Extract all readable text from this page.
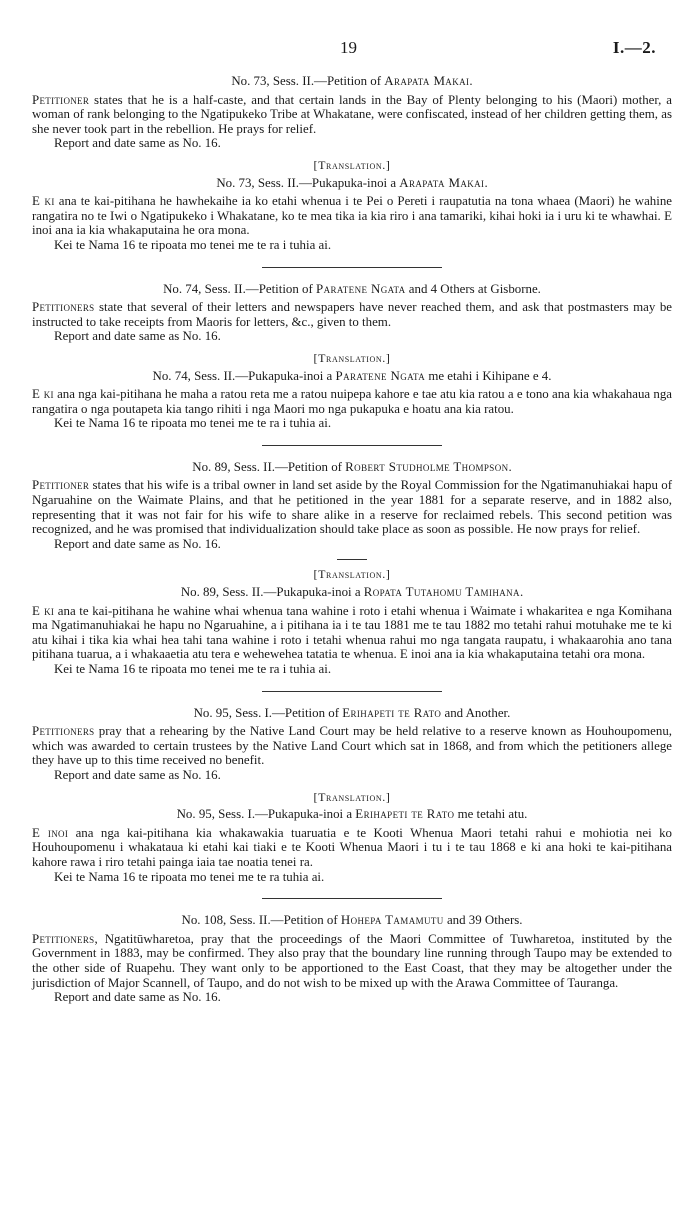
19	I.—2.

No. 73, Sess. II.—Petition of Arapata Makai.

Petitioner states that he is a half-caste, and that certain lands in the Bay of Plenty belonging to his (Maori) mother, a woman of rank belonging to the Ngatipukeko Tribe at Whakatane, were confiscated, instead of her children getting them, as she never took part in the rebellion. He prays for relief.

Report and date same as No. 16.

[Translation.]

No. 73, Sess. II.—Pukapuka-inoi a Arapata Makai.

E ki ana te kai-pitihana he hawhekaihe ia ko etahi whenua i te Pei o Pereti i raupatutia na tona whaea (Maori) he wahine rangatira no te Iwi o Ngatipukeko i Whakatane, ko te mea tika ia kia riro i ana tamariki, kihai hoki ia i uru ki te whawhai. E inoi ana ia kia whakaputaina he ora mona.

Kei te Nama 16 te ripoata mo tenei me te ra i tuhia ai.

No. 74, Sess. II.—Petition of Paratene Ngata and 4 Others at Gisborne.

Petitioners state that several of their letters and newspapers have never reached them, and ask that postmasters may be instructed to take receipts from Maoris for letters, &c., given to them.

Report and date same as No. 16.

[Translation.]

No. 74, Sess. II.—Pukapuka-inoi a Paratene Ngata me etahi i Kihipane e 4.

E ki ana nga kai-pitihana he maha a ratou reta me a ratou nuipepa kahore e tae atu kia ratou a e tono ana kia whakahaua nga rangatira o nga poutapeta kia tango rihiti i nga Maori mo nga pukapuka e hoatu ana kia ratou.

Kei te Nama 16 te ripoata mo tenei me te ra i tuhia ai.

No. 89, Sess. II.—Petition of Robert Studholme Thompson.

Petitioner states that his wife is a tribal owner in land set aside by the Royal Commission for the Ngatimanuhiakai hapu of Ngaruahine on the Waimate Plains, and that he petitioned in the year 1881 for a separate reserve, and in 1882 also, representing that it was not fair for his wife to share alike in a reserve for reclaimed rebels. This second petition was recognized, and he was promised that individualization should take place as soon as possible. He now prays for relief.

Report and date same as No. 16.

[Translation.]

No. 89, Sess. II.—Pukapuka-inoi a Ropata Tutahomu Tamihana.

E ki ana te kai-pitihana he wahine whai whenua tana wahine i roto i etahi whenua i Waimate i whakaritea e nga Komihana ma Ngatimanuhiakai he hapu no Ngaruahine, a i pitihana ia i te tau 1881 me te tau 1882 mo tetahi rahui motuhake me te ki atu kihai i tika kia whai hea tahi tana wahine i roto i tetahi whenua rahui mo nga tangata raupatu, i whakaarohia ano tana pitihana tuarua, a i whakaaetia atu tera e wehewehea tatatia te whenua. E inoi ana ia kia whakaputaina tetahi ora mona.

Kei te Nama 16 te ripoata mo tenei me te ra i tuhia ai.

No. 95, Sess. I.—Petition of Erihapeti te Rato and Another.

Petitioners pray that a rehearing by the Native Land Court may be held relative to a reserve known as Houhoupomenu, which was awarded to certain trustees by the Native Land Court which sat in 1868, and from which the petitioners allege they have up to this time received no benefit.

Report and date same as No. 16.

[Translation.]

No. 95, Sess. I.—Pukapuka-inoi a Erihapeti te Rato me tetahi atu.

E inoi ana nga kai-pitihana kia whakawakia tuaruatia e te Kooti Whenua Maori tetahi rahui e mohiotia nei ko Houhoupomenu i whakataua ki etahi kai tiaki e te Kooti Whenua Maori i tu i te tau 1868 e ki ana hoki te kai-pitihana kahore rawa i riro tetahi painga iaia tae noatia tenei ra.

Kei te Nama 16 te ripoata mo tenei me te ra tuhia ai.

No. 108, Sess. II.—Petition of Hohepa Tamamutu and 39 Others.

Petitioners, Ngatitūwharetoa, pray that the proceedings of the Maori Committee of Tuwharetoa, instituted by the Government in 1883, may be confirmed. They also pray that the boundary line running through Taupo may be extended to the other side of Ruapehu. They want only to be apportioned to the East Coast, that they may be altogether under the jurisdiction of Major Scannell, of Taupo, and do not wish to be mixed up with the Arawa Committee of Tauranga.

Report and date same as No. 16.
